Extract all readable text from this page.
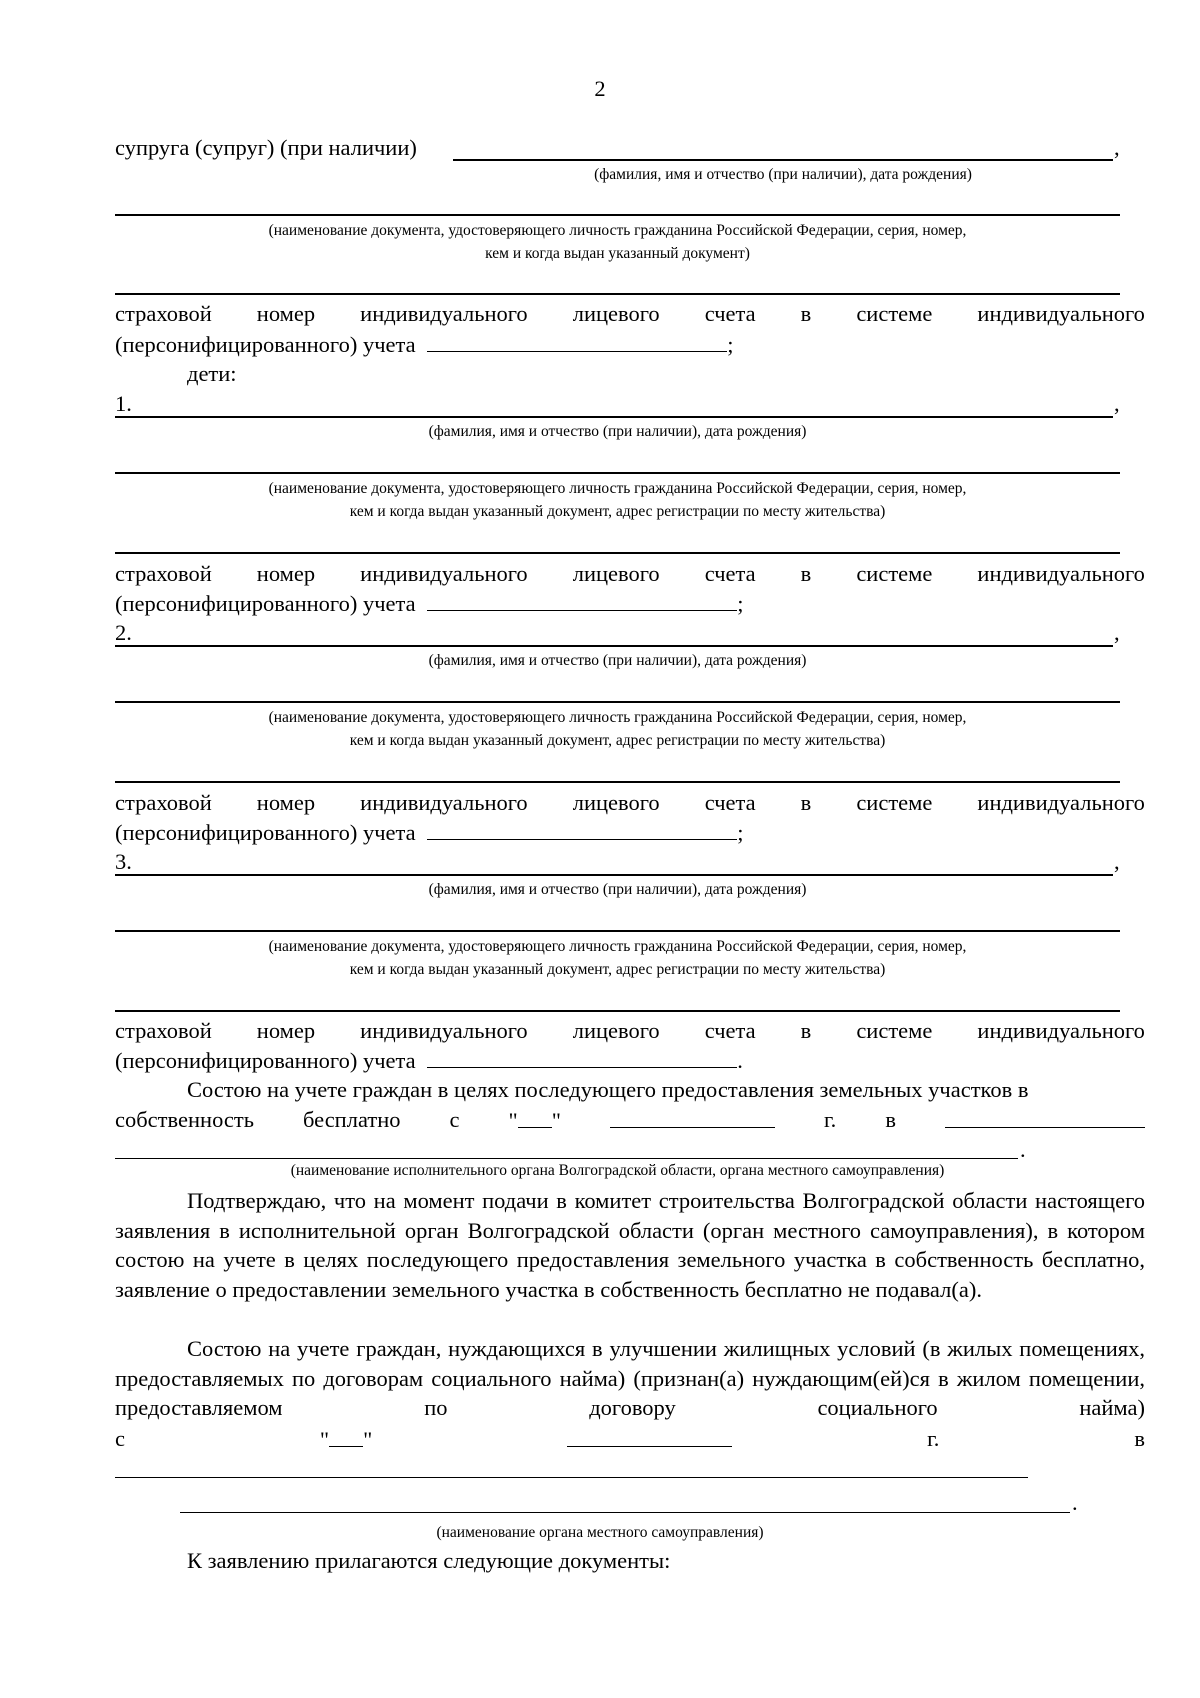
2
супруга (супруг) (при наличии)	,
(фамилия, имя и отчество (при наличии), дата рождения)
(наименование документа, удостоверяющего личность гражданина Российской Федерации, серия, номер,
кем и когда выдан указанный документ)
страховой номер индивидуального лицевого счета в системе индивидуального
(персонифицированного) учета	;
дети:
1.	,
(фамилия, имя и отчество (при наличии), дата рождения)
(наименование документа, удостоверяющего личность гражданина Российской Федерации, серия, номер,
кем и когда выдан указанный документ, адрес регистрации по месту жительства)
страховой номер индивидуального лицевого счета в системе индивидуального
(персонифицированного) учета	;
2.	,
(фамилия, имя и отчество (при наличии), дата рождения)
(наименование документа, удостоверяющего личность гражданина Российской Федерации, серия, номер,
кем и когда выдан указанный документ, адрес регистрации по месту жительства)
страховой номер индивидуального лицевого счета в системе индивидуального
(персонифицированного) учета	;
3.	,
(фамилия, имя и отчество (при наличии), дата рождения)
(наименование документа, удостоверяющего личность гражданина Российской Федерации, серия, номер,
кем и когда выдан указанный документ, адрес регистрации по месту жительства)
страховой номер индивидуального лицевого счета в системе индивидуального
(персонифицированного) учета	.
Состою на учете граждан в целях последующего предоставления земельных участков в
собственность бесплатно с " "	г. в
.
(наименование исполнительного органа Волгоградской области, органа местного самоуправления)
Подтверждаю, что на момент подачи в комитет строительства Волгоградской области настоящего заявления в исполнительной орган Волгоградской области (орган местного самоуправления), в котором состою на учете в целях последующего предоставления земельного участка в собственность бесплатно, заявление о предоставлении земельного участка в собственность бесплатно не подавал(а).
Состою на учете граждан, нуждающихся в улучшении жилищных условий (в жилых помещениях, предоставляемых по договорам социального найма) (признан(а) нуждающим(ей)ся в жилом помещении, предоставляемом по договору социального найма)
с	" "	г.	в
.
(наименование органа местного самоуправления)
К заявлению прилагаются следующие документы:
